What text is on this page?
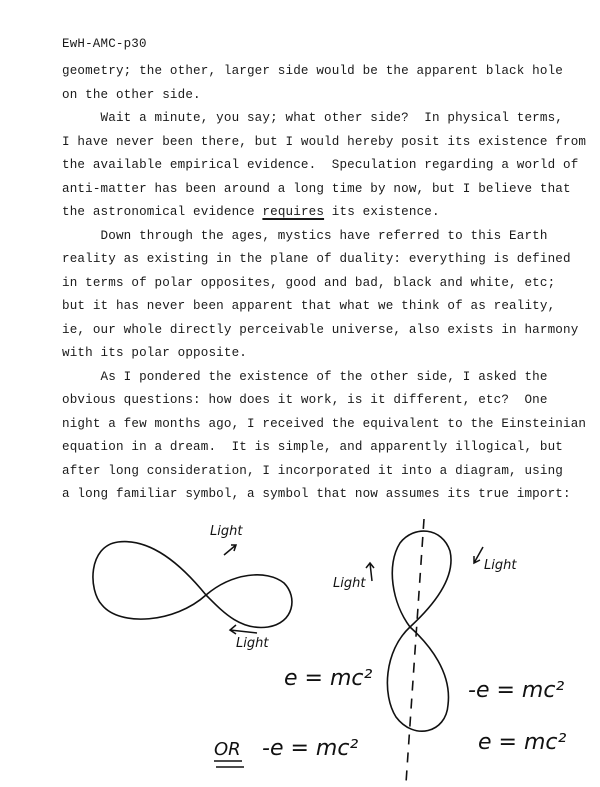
EwH-AMC-p30
geometry; the other, larger side would be the apparent black hole
on the other side.
Wait a minute, you say; what other side?  In physical terms,
I have never been there, but I would hereby posit its existence from
the available empirical evidence.  Speculation regarding a world of
anti-matter has been around a long time by now, but I believe that
the astronomical evidence requires its existence.
Down through the ages, mystics have referred to this Earth
reality as existing in the plane of duality: everything is defined
in terms of polar opposites, good and bad, black and white, etc;
but it has never been apparent that what we think of as reality,
ie, our whole directly perceivable universe, also exists in harmony
with its polar opposite.
As I pondered the existence of the other side, I asked the
obvious questions: how does it work, is it different, etc?  One
night a few months ago, I received the equivalent to the Einsteinian
equation in a dream.  It is simple, and apparently illogical, but
after long consideration, I incorporated it into a diagram, using
a long familiar symbol, a symbol that now assumes its true import:
Light
Light
Light
Light
e = mc²	-e = mc²
e = mc²
OR -e = mc²
